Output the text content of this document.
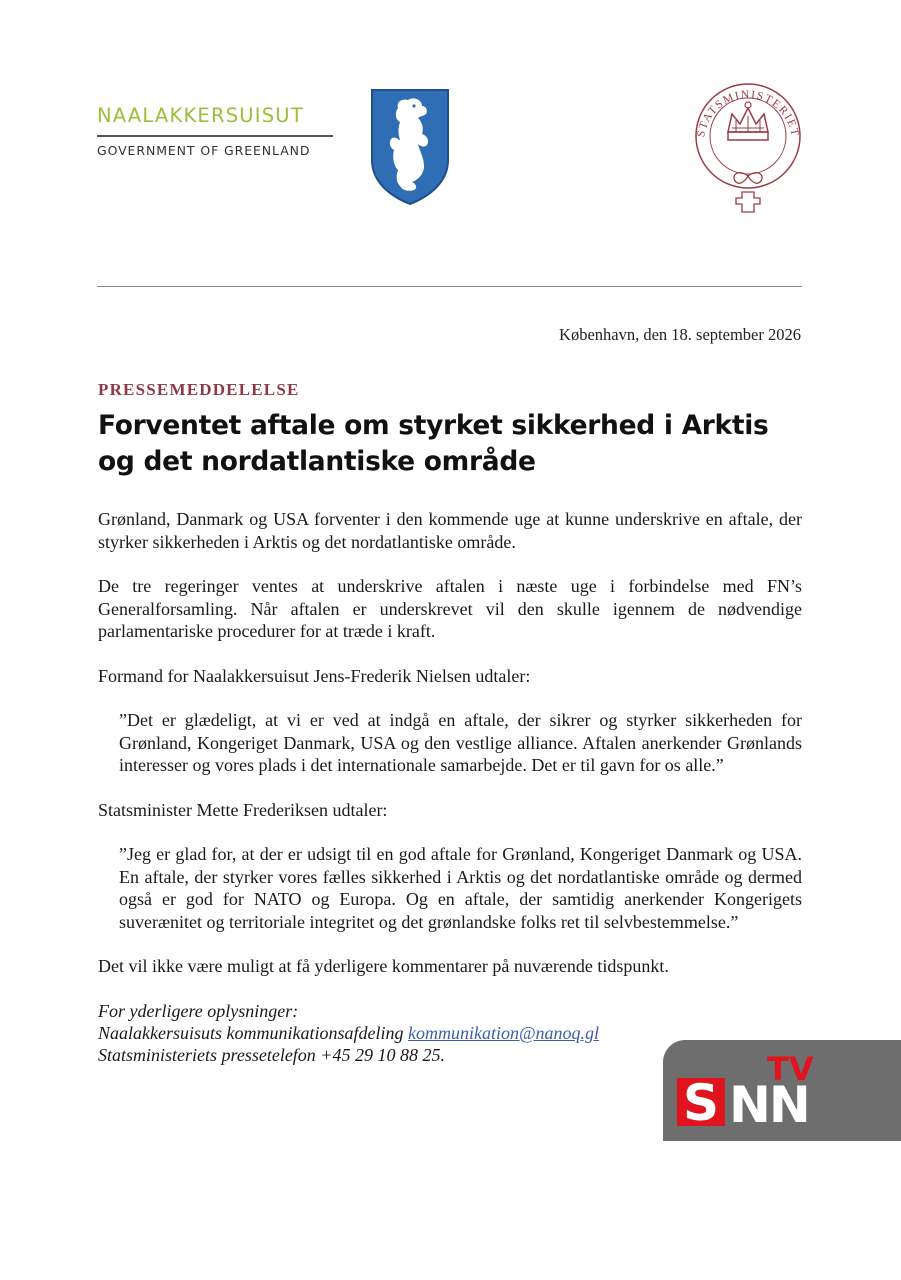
NAALAKKERSUISUT
GOVERNMENT OF GREENLAND
STATSMINISTERIET
København, den 18. september 2026
PRESSEMEDDELELSE
Forventet aftale om styrket sikkerhed i Arktis
og det nordatlantiske område

Grønland, Danmark og USA forventer i den kommende uge at kunne underskrive en aftale, der styrker sikkerheden i Arktis og det nordatlantiske område.

De tre regeringer ventes at underskrive aftalen i næste uge i forbindelse med FN’s Generalforsamling. Når aftalen er underskrevet vil den skulle igennem de nødvendige parlamentariske procedurer for at træde i kraft.

Formand for Naalakkersuisut Jens-Frederik Nielsen udtaler:

”Det er glædeligt, at vi er ved at indgå en aftale, der sikrer og styrker sikkerheden for Grønland, Kongeriget Danmark, USA og den vestlige alliance. Aftalen anerkender Grønlands interesser og vores plads i det internationale samarbejde. Det er til gavn for os alle.”

Statsminister Mette Frederiksen udtaler:

”Jeg er glad for, at der er udsigt til en god aftale for Grønland, Kongeriget Danmark og USA. En aftale, der styrker vores fælles sikkerhed i Arktis og det nordatlantiske område og dermed også er god for NATO og Europa. Og en aftale, der samtidig anerkender Kongerigets suverænitet og territoriale integritet og det grønlandske folks ret til selvbestemmelse.”

Det vil ikke være muligt at få yderligere kommentarer på nuværende tidspunkt.

For yderligere oplysninger:
Naalakkersuisuts kommunikationsafdeling kommunikation@nanoq.gl
Statsministeriets pressetelefon +45 29 10 88 25.
S NN
TV
